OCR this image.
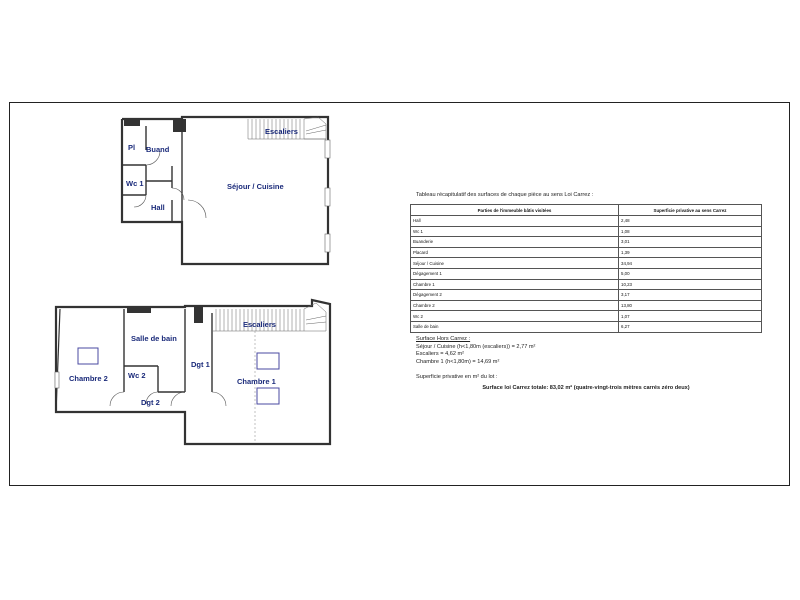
Pl Buand
Wc 1
Hall
Séjour / Cuisine
Escaliers
Salle de bain
Wc 2
Dgt 2
Dgt 1
Chambre 2	Chambre 1
Escaliers
Tableau récapitulatif des surfaces de chaque pièce au sens Loi Carrez :
Parties de l'immeuble bâtis visitées	Superficie privative au sens Carrez
Hall	2,48
Wc 1	1,08
Buanderie	3,01
Placard	1,39
Séjour / Cuisine	34,94
Dégagement 1	5,00
Chambre 1	10,23
Dégagement 2	3,17
Chambre 2	13,80
Wc 2	1,07
Salle de bain	6,27
Surface Hors Carrez :
Séjour / Cuisine (h<1,80m (escaliers)) = 2,77 m²
Escaliers = 4,62 m²
Chambre 1 (h<1,80m) = 14,69 m²
Superficie privative en m² du lot :
Surface loi Carrez totale: 83,02 m² (quatre-vingt-trois mètres carrés zéro deux)
